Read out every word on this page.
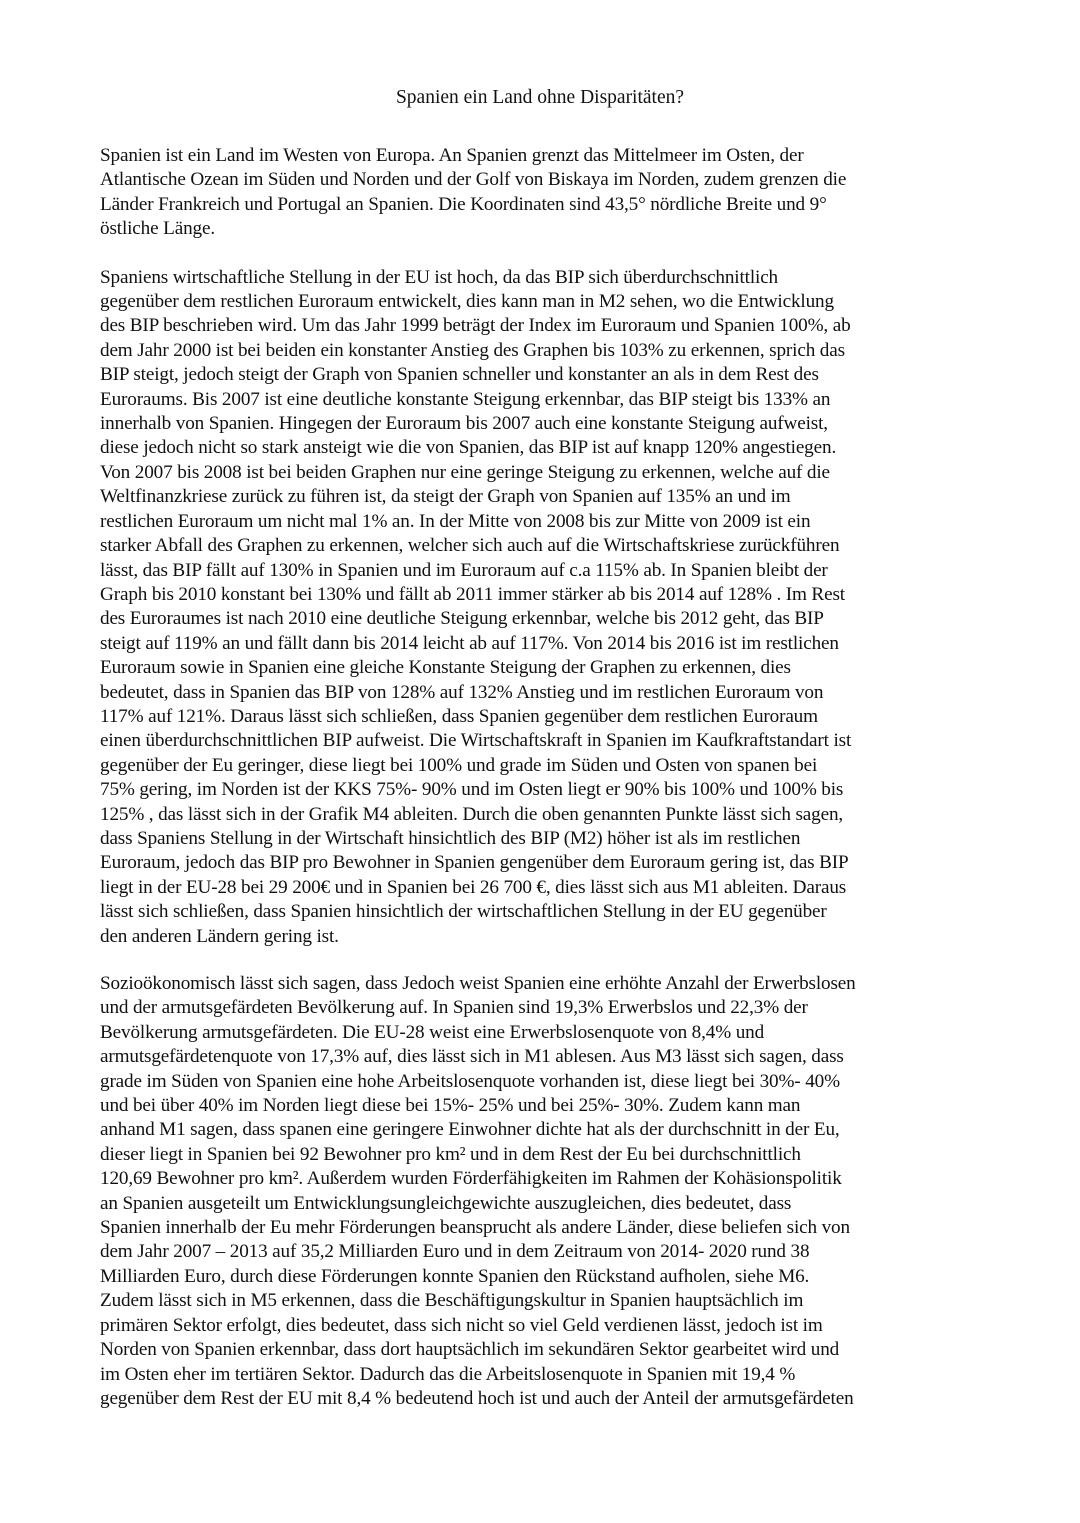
Spanien ein Land ohne Disparitäten?

Spanien ist ein Land im Westen von Europa. An Spanien grenzt das Mittelmeer im Osten, der
Atlantische Ozean im Süden und Norden und der Golf von Biskaya im Norden, zudem grenzen die
Länder Frankreich und Portugal an Spanien. Die Koordinaten sind 43,5° nördliche Breite und 9°
östliche Länge.

Spaniens wirtschaftliche Stellung in der EU ist hoch, da das BIP sich überdurchschnittlich
gegenüber dem restlichen Euroraum entwickelt, dies kann man in M2 sehen, wo die Entwicklung
des BIP beschrieben wird. Um das Jahr 1999 beträgt der Index im Euroraum und Spanien 100%, ab
dem Jahr 2000 ist bei beiden ein konstanter Anstieg des Graphen bis 103% zu erkennen, sprich das
BIP steigt, jedoch steigt der Graph von Spanien schneller und konstanter an als in dem Rest des
Euroraums. Bis 2007 ist eine deutliche konstante Steigung erkennbar, das BIP steigt bis 133% an
innerhalb von Spanien. Hingegen der Euroraum bis 2007 auch eine konstante Steigung aufweist,
diese jedoch nicht so stark ansteigt wie die von Spanien, das BIP ist auf knapp 120% angestiegen.
Von 2007 bis 2008 ist bei beiden Graphen nur eine geringe Steigung zu erkennen, welche auf die
Weltfinanzkriese zurück zu führen ist, da steigt der Graph von Spanien auf 135% an und im
restlichen Euroraum um nicht mal 1% an. In der Mitte von 2008 bis zur Mitte von 2009 ist ein
starker Abfall des Graphen zu erkennen, welcher sich auch auf die Wirtschaftskriese zurückführen
lässt, das BIP fällt auf 130% in Spanien und im Euroraum auf c.a 115% ab. In Spanien bleibt der
Graph bis 2010 konstant bei 130% und fällt ab 2011 immer stärker ab bis 2014 auf 128% . Im Rest
des Euroraumes ist nach 2010 eine deutliche Steigung erkennbar, welche bis 2012 geht, das BIP
steigt auf 119% an und fällt dann bis 2014 leicht ab auf 117%. Von 2014 bis 2016 ist im restlichen
Euroraum sowie in Spanien eine gleiche Konstante Steigung der Graphen zu erkennen, dies
bedeutet, dass in Spanien das BIP von 128% auf 132% Anstieg und im restlichen Euroraum von
117% auf 121%. Daraus lässt sich schließen, dass Spanien gegenüber dem restlichen Euroraum
einen überdurchschnittlichen BIP aufweist. Die Wirtschaftskraft in Spanien im Kaufkraftstandart ist
gegenüber der Eu geringer, diese liegt bei 100% und grade im Süden und Osten von spanen bei
75% gering, im Norden ist der KKS 75%- 90% und im Osten liegt er 90% bis 100% und 100% bis
125% , das lässt sich in der Grafik M4 ableiten. Durch die oben genannten Punkte lässt sich sagen,
dass Spaniens Stellung in der Wirtschaft hinsichtlich des BIP (M2) höher ist als im restlichen
Euroraum, jedoch das BIP pro Bewohner in Spanien gengenüber dem Euroraum gering ist, das BIP
liegt in der EU-28 bei 29 200€ und in Spanien bei 26 700 €, dies lässt sich aus M1 ableiten. Daraus
lässt sich schließen, dass Spanien hinsichtlich der wirtschaftlichen Stellung in der EU gegenüber
den anderen Ländern gering ist.

Sozioökonomisch lässt sich sagen, dass Jedoch weist Spanien eine erhöhte Anzahl der Erwerbslosen
und der armutsgefärdeten Bevölkerung auf. In Spanien sind 19,3% Erwerbslos und 22,3% der
Bevölkerung armutsgefärdeten. Die EU-28 weist eine Erwerbslosenquote von 8,4% und
armutsgefärdetenquote von 17,3% auf, dies lässt sich in M1 ablesen. Aus M3 lässt sich sagen, dass
grade im Süden von Spanien eine hohe Arbeitslosenquote vorhanden ist, diese liegt bei 30%- 40%
und bei über 40% im Norden liegt diese bei 15%- 25% und bei 25%- 30%. Zudem kann man
anhand M1 sagen, dass spanen eine geringere Einwohner dichte hat als der durchschnitt in der Eu,
dieser liegt in Spanien bei 92 Bewohner pro km² und in dem Rest der Eu bei durchschnittlich
120,69 Bewohner pro km². Außerdem wurden Förderfähigkeiten im Rahmen der Kohäsionspolitik
an Spanien ausgeteilt um Entwicklungsungleichgewichte auszugleichen, dies bedeutet, dass
Spanien innerhalb der Eu mehr Förderungen beansprucht als andere Länder, diese beliefen sich von
dem Jahr 2007 – 2013 auf 35,2 Milliarden Euro und in dem Zeitraum von 2014- 2020 rund 38
Milliarden Euro, durch diese Förderungen konnte Spanien den Rückstand aufholen, siehe M6.
Zudem lässt sich in M5 erkennen, dass die Beschäftigungskultur in Spanien hauptsächlich im
primären Sektor erfolgt, dies bedeutet, dass sich nicht so viel Geld verdienen lässt, jedoch ist im
Norden von Spanien erkennbar, dass dort hauptsächlich im sekundären Sektor gearbeitet wird und
im Osten eher im tertiären Sektor. Dadurch das die Arbeitslosenquote in Spanien mit 19,4 %
gegenüber dem Rest der EU mit 8,4 % bedeutend hoch ist und auch der Anteil der armutsgefärdeten
